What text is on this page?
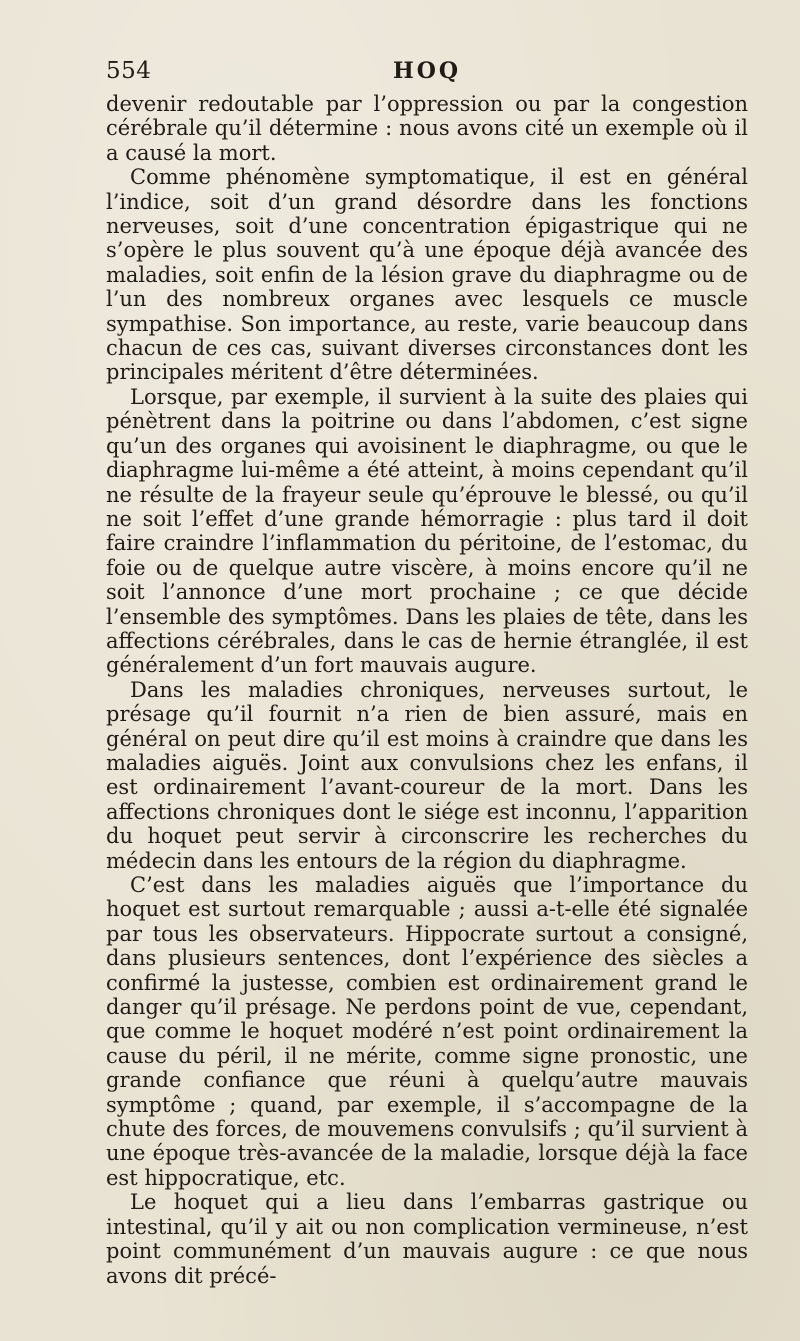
554	HOQ

devenir redoutable par l’oppression ou par la congestion cérébrale qu’il détermine : nous avons cité un exemple où il a causé la mort.

Comme phénomène symptomatique, il est en général l’indice, soit d’un grand désordre dans les fonctions nerveuses, soit d’une concentration épigastrique qui ne s’opère le plus souvent qu’à une époque déjà avancée des maladies, soit enfin de la lésion grave du diaphragme ou de l’un des nombreux organes avec lesquels ce muscle sympathise. Son importance, au reste, varie beaucoup dans chacun de ces cas, suivant diverses circonstances dont les principales méritent d’être déterminées.

Lorsque, par exemple, il survient à la suite des plaies qui pénètrent dans la poitrine ou dans l’abdomen, c’est signe qu’un des organes qui avoisinent le diaphragme, ou que le diaphragme lui-même a été atteint, à moins cependant qu’il ne résulte de la frayeur seule qu’éprouve le blessé, ou qu’il ne soit l’effet d’une grande hémorragie : plus tard il doit faire craindre l’inflammation du péritoine, de l’estomac, du foie ou de quelque autre viscère, à moins encore qu’il ne soit l’annonce d’une mort prochaine ; ce que décide l’ensemble des symptômes. Dans les plaies de tête, dans les affections cérébrales, dans le cas de hernie étranglée, il est généralement d’un fort mauvais augure.

Dans les maladies chroniques, nerveuses surtout, le présage qu’il fournit n’a rien de bien assuré, mais en général on peut dire qu’il est moins à craindre que dans les maladies aiguës. Joint aux convulsions chez les enfans, il est ordinairement l’avant-coureur de la mort. Dans les affections chroniques dont le siége est inconnu, l’apparition du hoquet peut servir à circonscrire les recherches du médecin dans les entours de la région du diaphragme.

C’est dans les maladies aiguës que l’importance du hoquet est surtout remarquable ; aussi a-t-elle été signalée par tous les observateurs. Hippocrate surtout a consigné, dans plusieurs sentences, dont l’expérience des siècles a confirmé la justesse, combien est ordinairement grand le danger qu’il présage. Ne perdons point de vue, cependant, que comme le hoquet modéré n’est point ordinairement la cause du péril, il ne mérite, comme signe pronostic, une grande confiance que réuni à quelqu’autre mauvais symptôme ; quand, par exemple, il s’accompagne de la chute des forces, de mouvemens convulsifs ; qu’il survient à une époque très-avancée de la maladie, lorsque déjà la face est hippocratique, etc.

Le hoquet qui a lieu dans l’embarras gastrique ou intestinal, qu’il y ait ou non complication vermineuse, n’est point communément d’un mauvais augure : ce que nous avons dit précé-
